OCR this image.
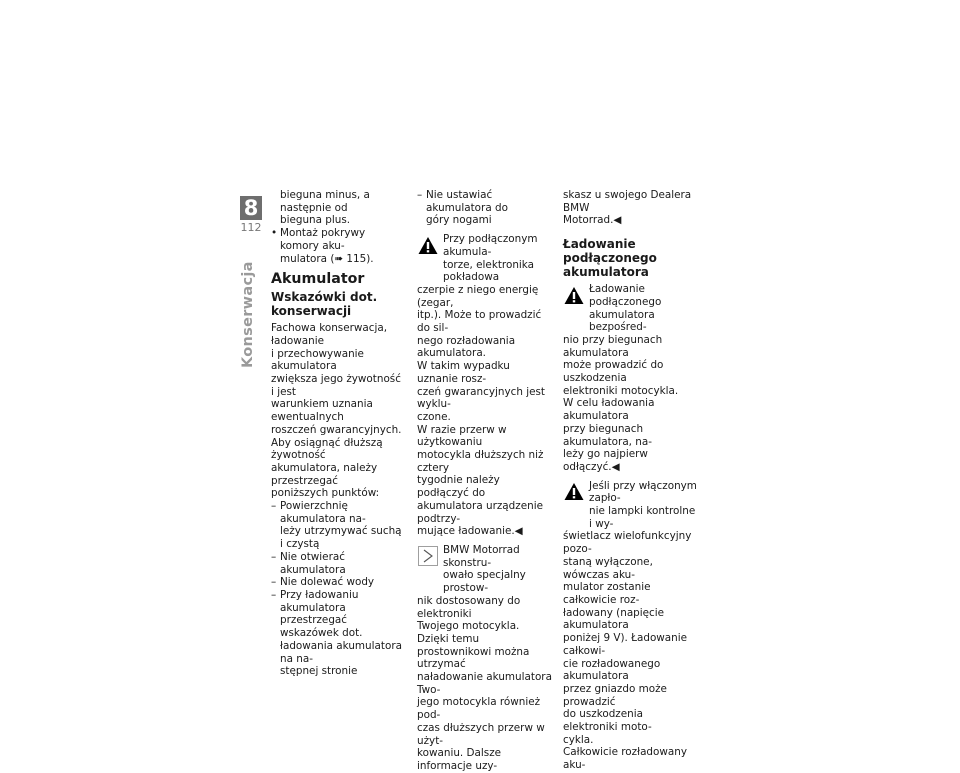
8
112
Konserwacja

bieguna minus, a następnie od
bieguna plus.

• Montaż pokrywy komory aku-
mulatora (➠ 115).
Akumulator
Wskazówki dot.
konserwacji

Fachowa konserwacja, ładowanie
i przechowywanie akumulatora
zwiększa jego żywotność i jest
warunkiem uznania ewentualnych
roszczeń gwarancyjnych.
Aby osiągnąć dłuższą żywotność
akumulatora, należy przestrzegać
poniższych punktów:

– Powierzchnię akumulatora na-
leży utrzymywać suchą i czystą
– Nie otwierać akumulatora
– Nie dolewać wody
– Przy ładowaniu akumulatora
przestrzegać wskazówek dot.
ładowania akumulatora na na-
stępnej stronie
– Nie ustawiać akumulatora do
góry nogami

Przy podłączonym akumula-
torze, elektronika pokładowa

czerpie z niego energię (zegar,
itp.). Może to prowadzić do sil-
nego rozładowania akumulatora.
W takim wypadku uznanie rosz-
czeń gwarancyjnych jest wyklu-
czone.
W razie przerw w użytkowaniu
motocykla dłuższych niż cztery
tygodnie należy podłączyć do
akumulatora urządzenie podtrzy-
mujące ładowanie.◀

BMW Motorrad skonstru-
owało specjalny prostow-

nik dostosowany do elektroniki
Twojego motocykla. Dzięki temu
prostownikowi można utrzymać
naładowanie akumulatora Two-
jego motocykla również pod-
czas dłuższych przerw w użyt-
kowaniu. Dalsze informacje uzy-

skasz u swojego Dealera BMW
Motorrad.◀

Ładowanie podłączonego
akumulatora

Ładowanie podłączonego
akumulatora bezpośred-

nio przy biegunach akumulatora
może prowadzić do uszkodzenia
elektroniki motocykla.
W celu ładowania akumulatora
przy biegunach akumulatora, na-
leży go najpierw odłączyć.◀

Jeśli przy włączonym zapło-
nie lampki kontrolne i wy-

świetlacz wielofunkcyjny pozo-
staną wyłączone, wówczas aku-
mulator zostanie całkowicie roz-
ładowany (napięcie akumulatora
poniżej 9 V). Ładowanie całkowi-
cie rozładowanego akumulatora
przez gniazdo może prowadzić
do uszkodzenia elektroniki moto-
cykla.
Całkowicie rozładowany aku-
